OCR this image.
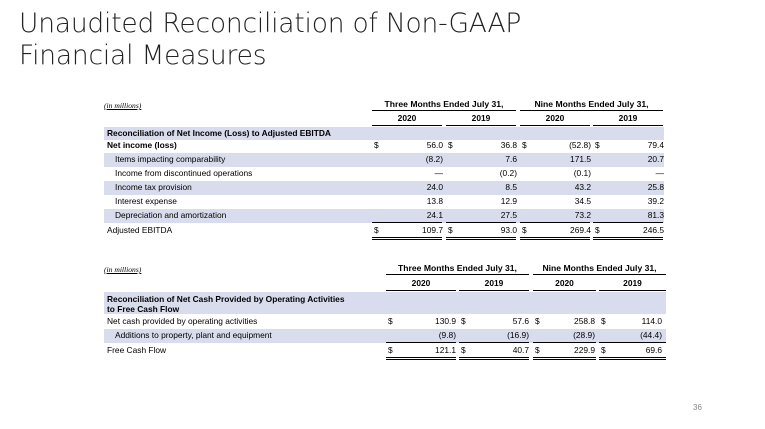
Unaudited Reconciliation of Non-GAAP
Financial Measures
(in millions)	Three Months Ended July 31,	Nine Months Ended July 31,
2020	2019	2020	2019
Reconciliation of Net Income (Loss) to Adjusted EBITDA
Net income (loss)	$	56.0 $	36.8 $	(52.8) $	79.4
Items impacting comparability	(8.2)	7.6	171.5	20.7
Income from discontinued operations	—	(0.2)	(0.1)	—
Income tax provision	24.0	8.5	43.2	25.8
Interest expense	13.8	12.9	34.5	39.2
Depreciation and amortization	24.1	27.5	73.2	81.3
Adjusted EBITDA	$	109.7 $	93.0 $	269.4 $	246.5
(in millions)	Three Months Ended July 31,	Nine Months Ended July 31,
2020	2019	2020	2019
Reconciliation of Net Cash Provided by Operating Activities
to Free Cash Flow
Net cash provided by operating activities	$	130.9 $	57.6 $	258.8 $	114.0
Additions to property, plant and equipment	(9.8)	(16.9)	(28.9)	(44.4)
Free Cash Flow	$	121.1 $	40.7 $	229.9 $	69.6
36
